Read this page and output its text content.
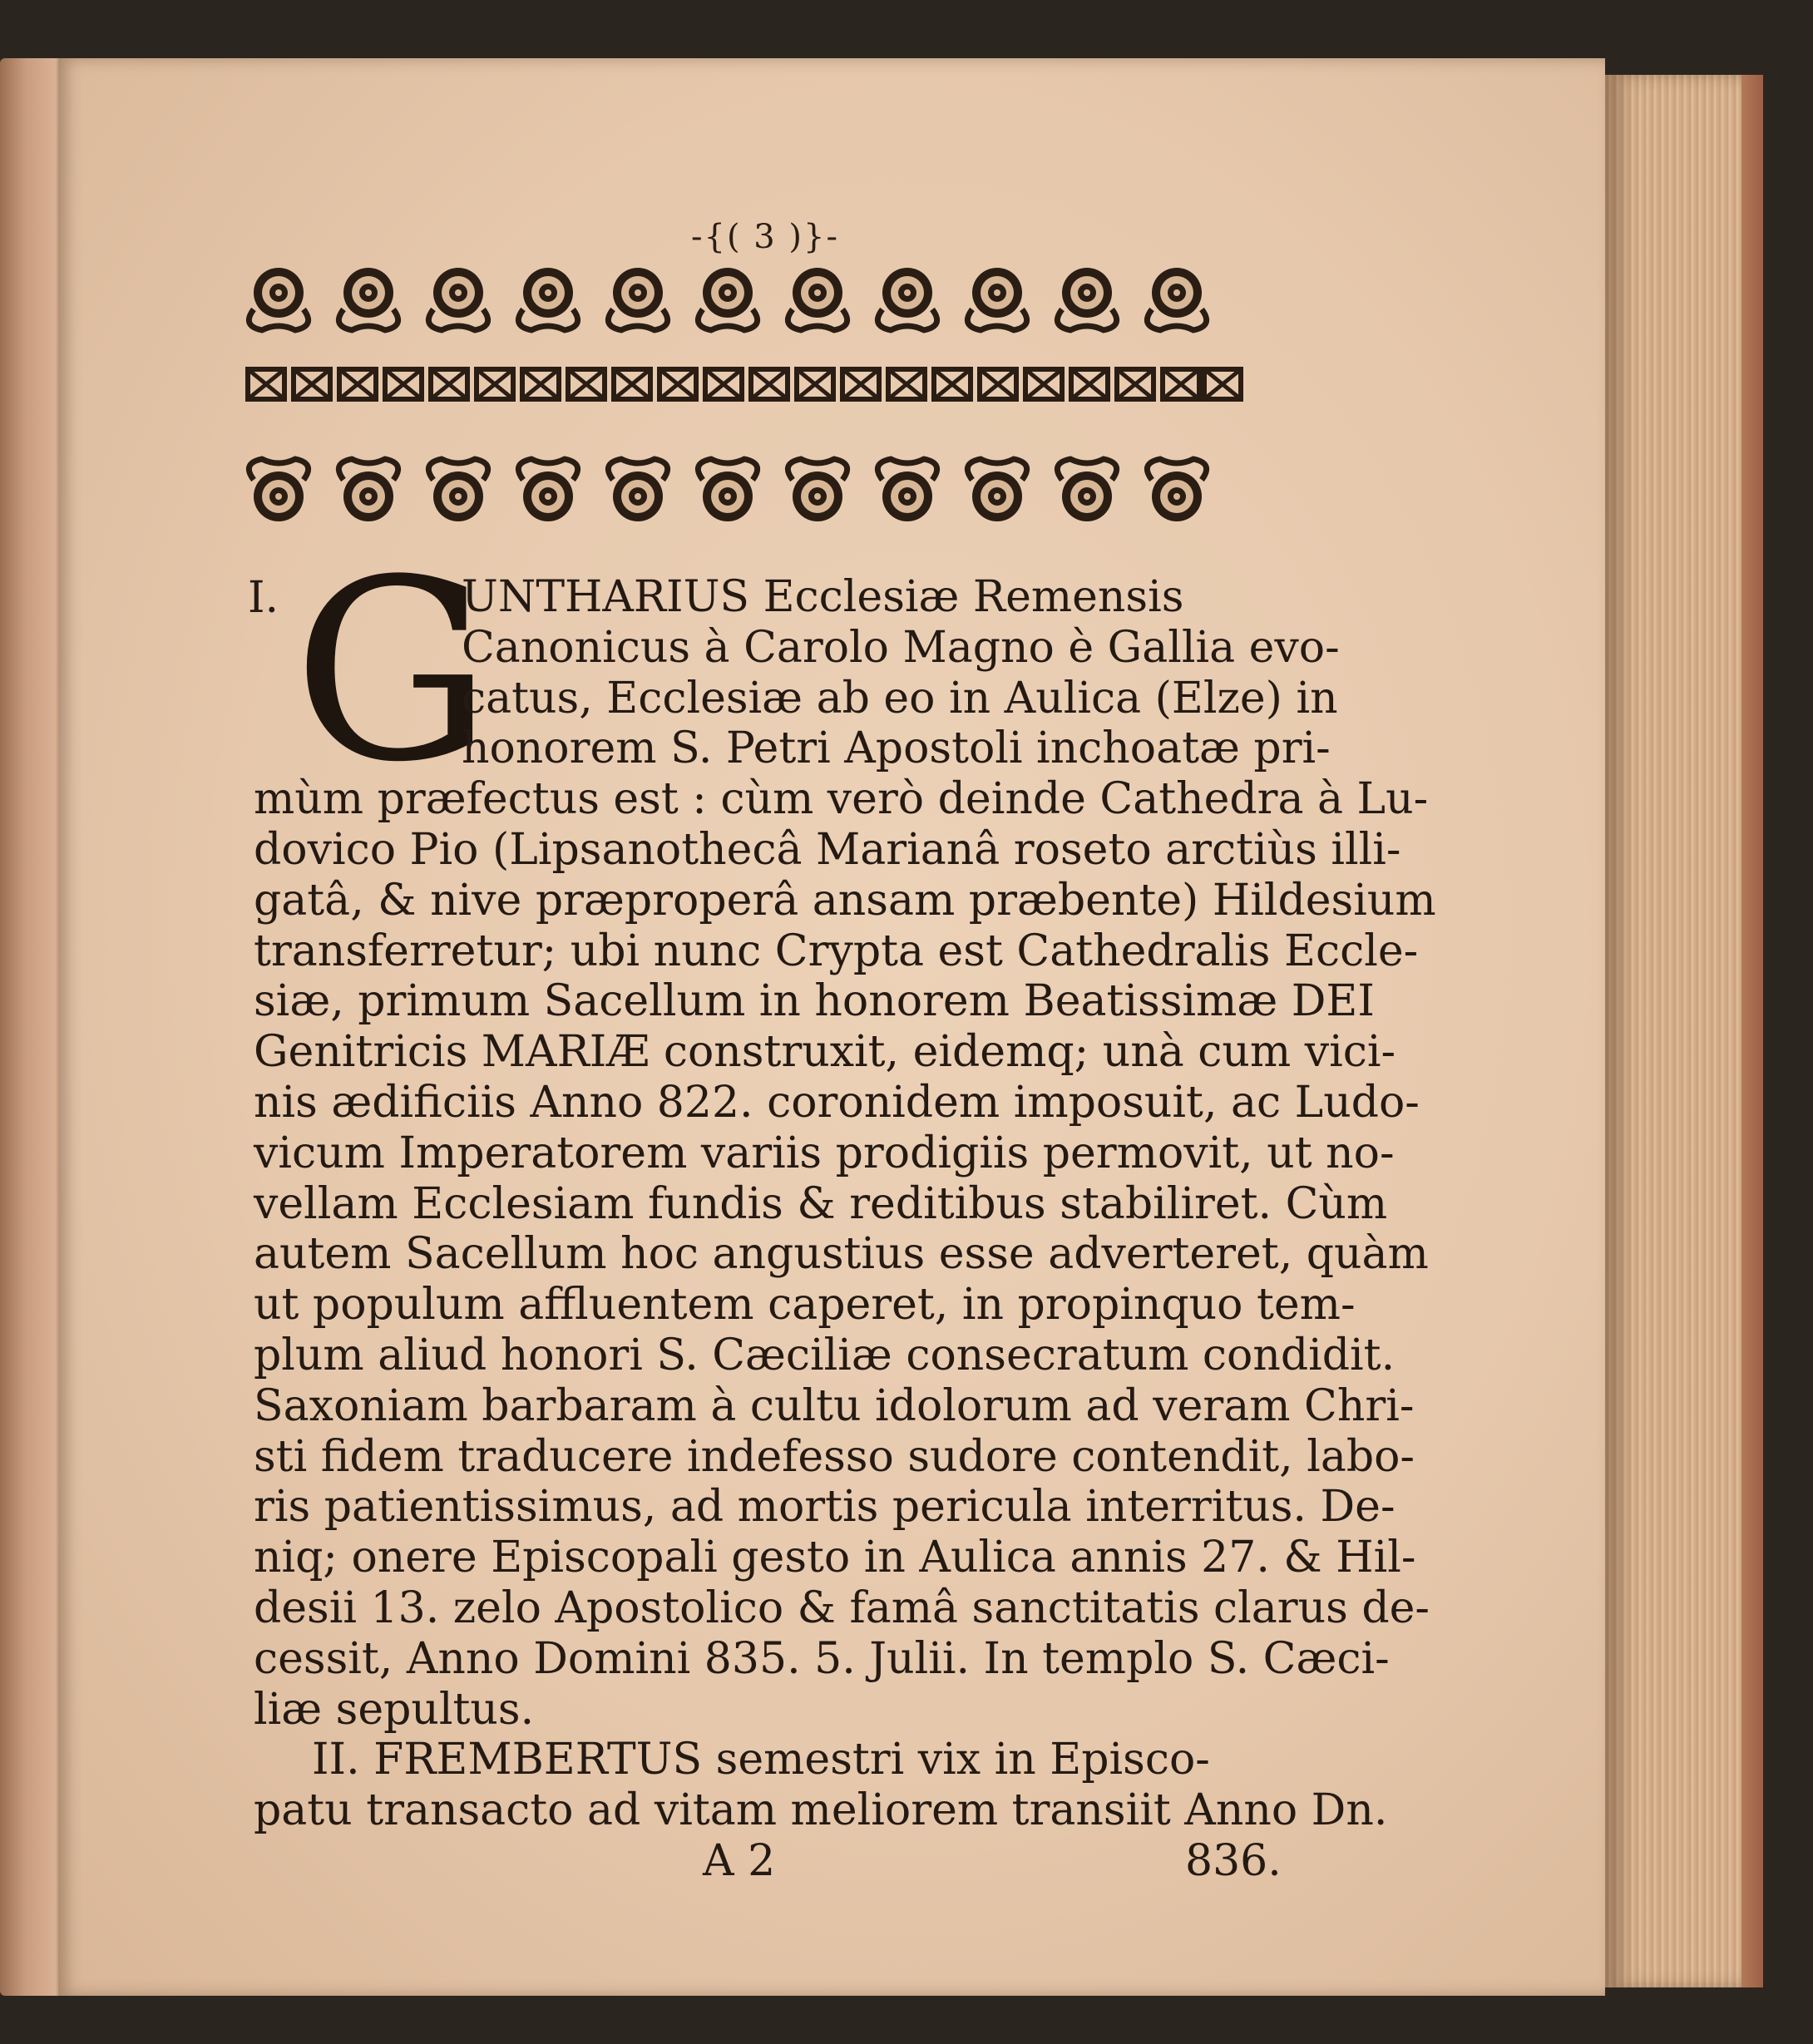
-{( 3 )}-
I. G
UNTHARIUS Ecclesiæ Remensis
Canonicus à Carolo Magno è Gallia evo-
catus, Ecclesiæ ab eo in Aulica (Elze) in
honorem S. Petri Apostoli inchoatæ pri-
mùm præfectus est : cùm verò deinde Cathedra à Lu-
dovico Pio (Lipsanothecâ Marianâ roseto arctiùs illi-
gatâ, & nive præproperâ ansam præbente) Hildesium
transferretur; ubi nunc Crypta est Cathedralis Eccle-
siæ, primum Sacellum in honorem Beatissimæ DEI
Genitricis MARIÆ construxit, eidemq; unà cum vici-
nis ædificiis Anno 822. coronidem imposuit, ac Ludo-
vicum Imperatorem variis prodigiis permovit, ut no-
vellam Ecclesiam fundis & reditibus stabiliret. Cùm
autem Sacellum hoc angustius esse adverteret, quàm
ut populum affluentem caperet, in propinquo tem-
plum aliud honori S. Cæciliæ consecratum condidit.
Saxoniam barbaram à cultu idolorum ad veram Chri-
sti fidem traducere indefesso sudore contendit, labo-
ris patientissimus, ad mortis pericula interritus. De-
niq; onere Episcopali gesto in Aulica annis 27. & Hil-
desii 13. zelo Apostolico & famâ sanctitatis clarus de-
cessit, Anno Domini 835. 5. Julii. In templo S. Cæci-
liæ sepultus.
II. FREMBERTUS semestri vix in Episco-
patu transacto ad vitam meliorem transiit Anno Dn.
A 2	836.
